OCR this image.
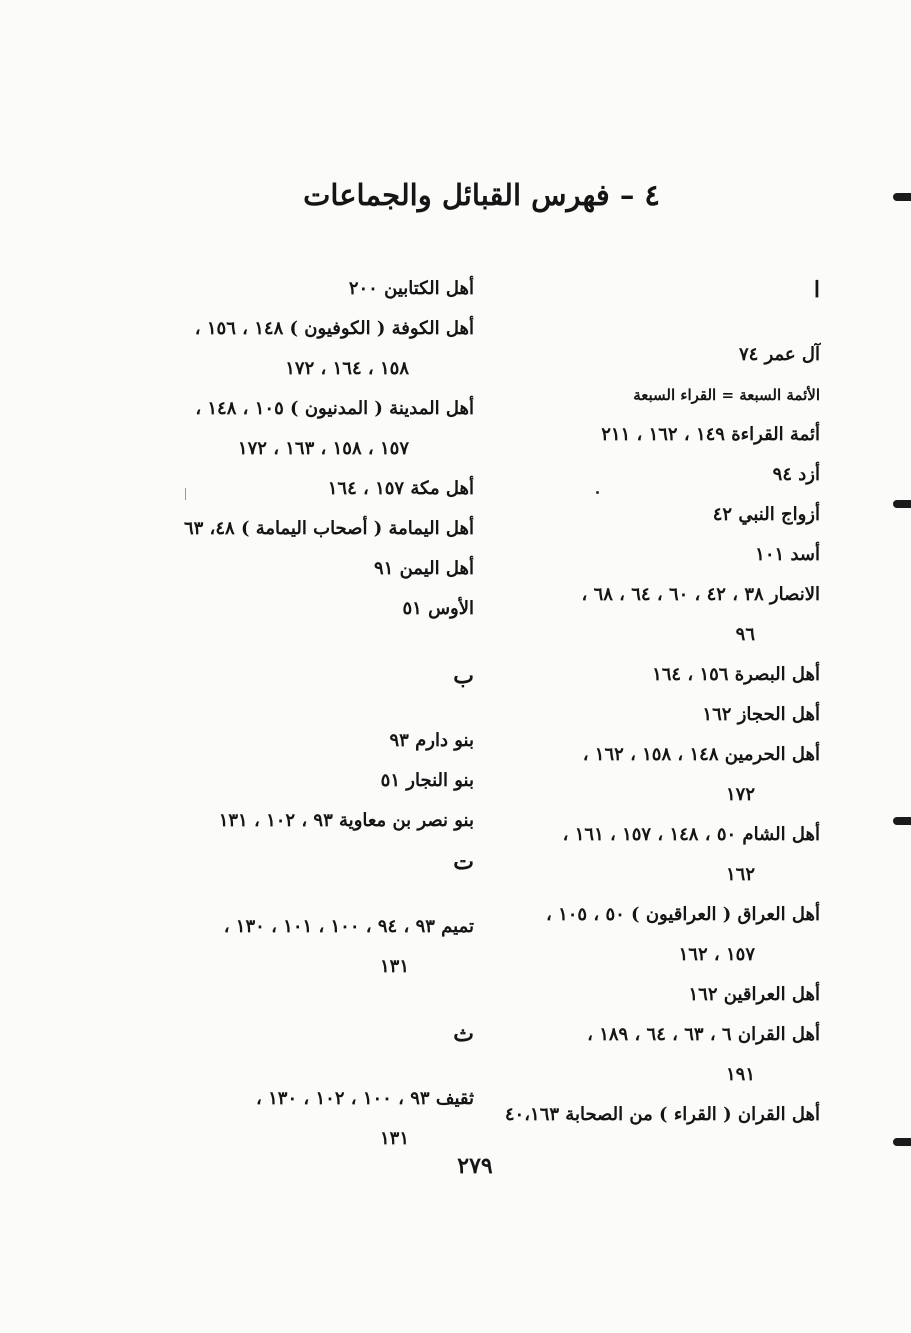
٤ – فهرس القبائل والجماعات
ا
آل عمر ٧٤
الأئمة السبعة = القراء السبعة
أئمة القراءة ١٤٩ ، ١٦٢ ، ٢١١
أزد ٩٤
أزواج النبي ٤٢
أسد ١٠١
الانصار ٣٨ ، ٤٢ ، ٦٠ ، ٦٤ ، ٦٨ ،
٩٦
أهل البصرة ١٥٦ ، ١٦٤
أهل الحجاز ١٦٢
أهل الحرمين ١٤٨ ، ١٥٨ ، ١٦٢ ،
١٧٢
أهل الشام ٥٠ ، ١٤٨ ، ١٥٧ ، ١٦١ ،
١٦٢
أهل العراق ( العراقيون ) ٥٠ ، ١٠٥ ،
١٥٧ ، ١٦٢
أهل العراقين ١٦٢
أهل القران ٦ ، ٦٣ ، ٦٤ ، ١٨٩ ،
١٩١
أهل القران ( القراء ) من الصحابة ٤٠،١٦٣
أهل الكتابين ٢٠٠
أهل الكوفة ( الكوفيون ) ١٤٨ ، ١٥٦ ،
١٥٨ ، ١٦٤ ، ١٧٢
أهل المدينة ( المدنيون ) ١٠٥ ، ١٤٨ ،
١٥٧ ، ١٥٨ ، ١٦٣ ، ١٧٢
أهل مكة ١٥٧ ، ١٦٤
أهل اليمامة ( أصحاب اليمامة ) ٤٨، ٦٣
أهل اليمن ٩١
الأوس ٥١
ب
بنو دارم ٩٣
بنو النجار ٥١
بنو نصر بن معاوية ٩٣ ، ١٠٢ ، ١٣١
ت
تميم ٩٣ ، ٩٤ ، ١٠٠ ، ١٠١ ، ١٣٠ ،
١٣١
ث
ثقيف ٩٣ ، ١٠٠ ، ١٠٢ ، ١٣٠ ،
١٣١
٢٧٩
